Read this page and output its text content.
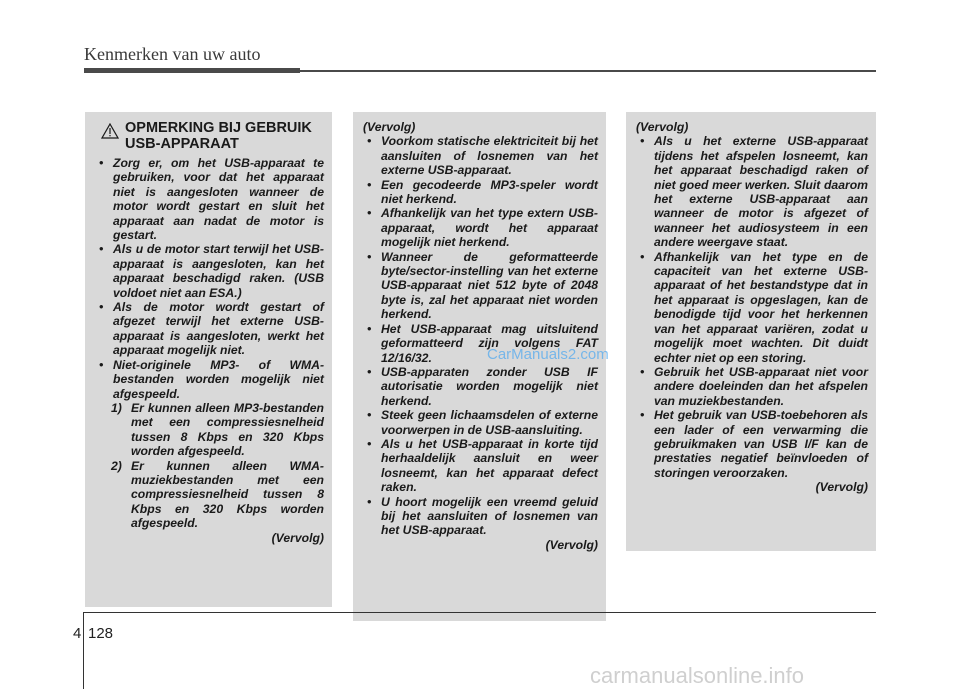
Kenmerken van uw auto
OPMERKING BIJ GEBRUIK USB-APPARAAT
• Zorg er, om het USB-apparaat te gebruiken, voor dat het apparaat niet is aangesloten wanneer de motor wordt gestart en sluit het apparaat aan nadat de motor is gestart.
• Als u de motor start terwijl het USB-apparaat is aangesloten, kan het apparaat beschadigd raken. (USB voldoet niet aan ESA.)
• Als de motor wordt gestart of afgezet terwijl het externe USB-apparaat is aangesloten, werkt het apparaat mogelijk niet.
• Niet-originele MP3- of WMA-bestanden worden mogelijk niet afgespeeld.
1) Er kunnen alleen MP3-bestanden met een compressiesnelheid tussen 8 Kbps en 320 Kbps worden afgespeeld.
2) Er kunnen alleen WMA-muziekbestanden met een compressiesnelheid tussen 8 Kbps en 320 Kbps worden afgespeeld.
(Vervolg)
(Vervolg)
• Voorkom statische elektriciteit bij het aansluiten of losnemen van het externe USB-apparaat.
• Een gecodeerde MP3-speler wordt niet herkend.
• Afhankelijk van het type extern USB-apparaat, wordt het apparaat mogelijk niet herkend.
• Wanneer de geformatteerde byte/sector-instelling van het externe USB-apparaat niet 512 byte of 2048 byte is, zal het apparaat niet worden herkend.
• Het USB-apparaat mag uitsluitend geformatteerd zijn volgens FAT 12/16/32.
• USB-apparaten zonder USB IF autorisatie worden mogelijk niet herkend.
• Steek geen lichaamsdelen of externe voorwerpen in de USB-aansluiting.
• Als u het USB-apparaat in korte tijd herhaaldelijk aansluit en weer losneemt, kan het apparaat defect raken.
• U hoort mogelijk een vreemd geluid bij het aansluiten of losnemen van het USB-apparaat.
(Vervolg)
(Vervolg)
• Als u het externe USB-apparaat tijdens het afspelen losneemt, kan het apparaat beschadigd raken of niet goed meer werken. Sluit daarom het externe USB-apparaat aan wanneer de motor is afgezet of wanneer het audiosysteem in een andere weergave staat.
• Afhankelijk van het type en de capaciteit van het externe USB-apparaat of het bestandstype dat in het apparaat is opgeslagen, kan de benodigde tijd voor het herkennen van het apparaat variëren, zodat u mogelijk moet wachten. Dit duidt echter niet op een storing.
• Gebruik het USB-apparaat niet voor andere doeleinden dan het afspelen van muziekbestanden.
• Het gebruik van USB-toebehoren als een lader of een verwarming die gebruikmaken van USB I/F kan de prestaties negatief beïnvloeden of storingen veroorzaken.
(Vervolg)
CarManuals2.com
4 128
carmanualsonline.info
